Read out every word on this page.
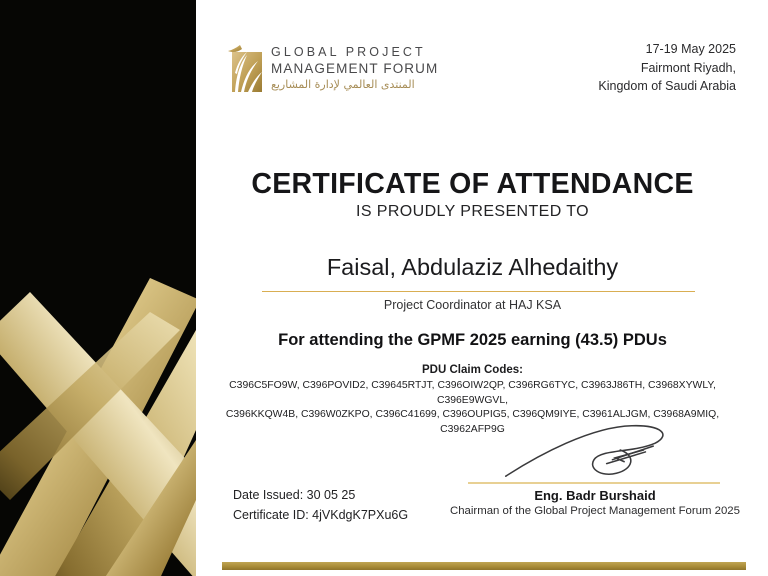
GLOBAL PROJECT
MANAGEMENT FORUM
المنتدى العالمي لإدارة المشاريع
17-19 May 2025
Fairmont Riyadh,
Kingdom of Saudi Arabia
CERTIFICATE OF ATTENDANCE
IS PROUDLY PRESENTED TO
Faisal, Abdulaziz Alhedaithy
Project Coordinator at HAJ KSA
For attending the GPMF 2025 earning (43.5) PDUs
PDU Claim Codes:
C396C5FO9W, C396POVID2, C39645RTJT, C396OIW2QP, C396RG6TYC, C3963J86TH, C3968XYWLY, C396E9WGVL,
C396KKQW4B, C396W0ZKPO, C396C41699, C396OUPIG5, C396QM9IYE, C3961ALJGM, C3968A9MIQ, C3962AFP9G
Date Issued: 30 05 25
Certificate ID: 4jVKdgK7PXu6G
Eng. Badr Burshaid
Chairman of the Global Project Management Forum 2025
